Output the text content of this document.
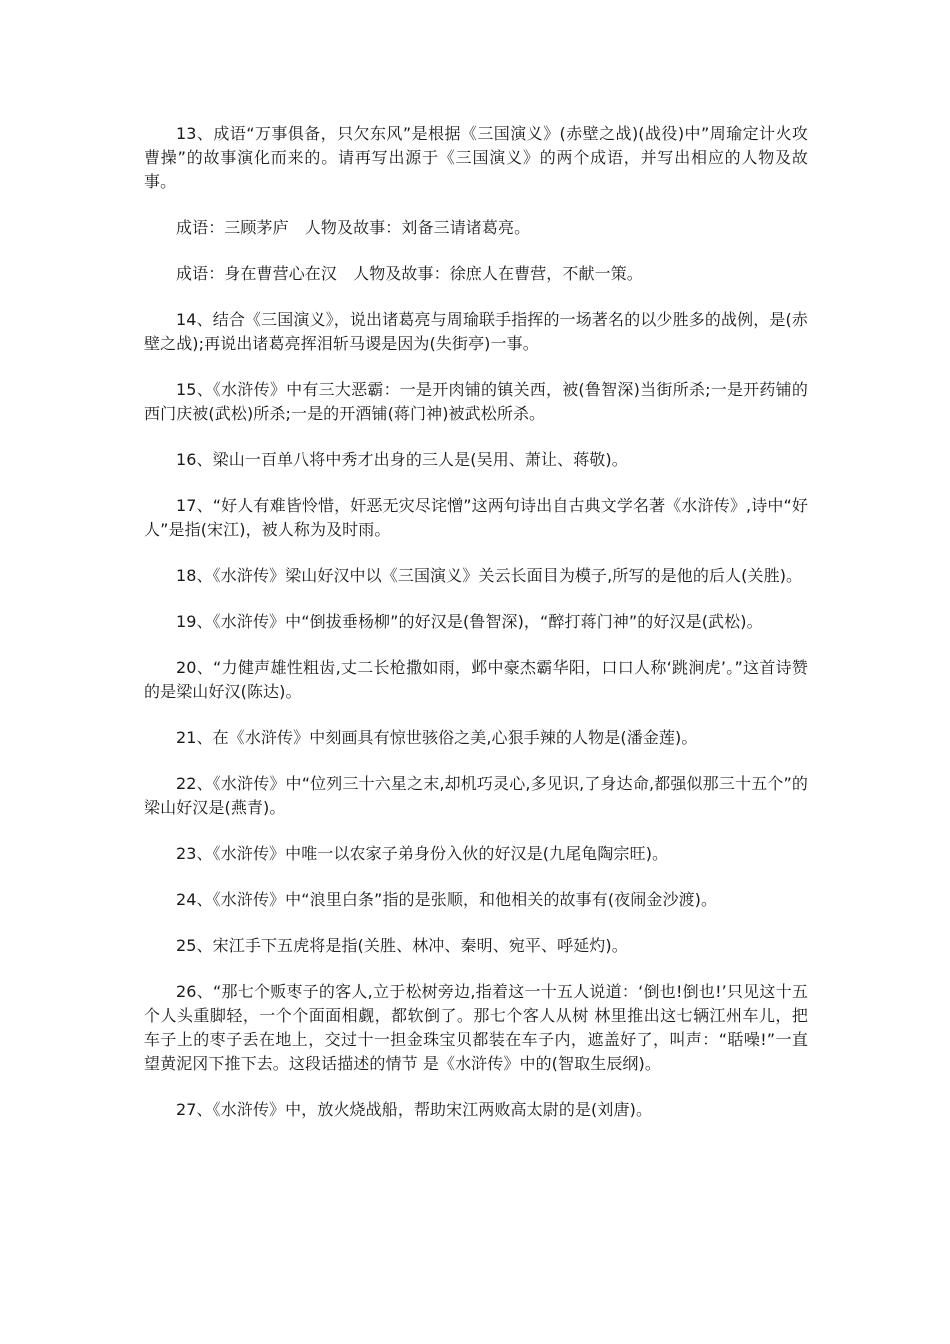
13、成语“万事俱备，只欠东风”是根据《三国演义》(赤壁之战)(战役)中”周瑜定计火攻曹操”的故事演化而来的。请再写出源于《三国演义》的两个成语，并写出相应的人物及故事。

成语：三顾茅庐　人物及故事：刘备三请诸葛亮。

成语：身在曹营心在汉　人物及故事：徐庶人在曹营，不献一策。

14、结合《三国演义》，说出诸葛亮与周瑜联手指挥的一场著名的以少胜多的战例，是(赤壁之战);再说出诸葛亮挥泪斩马谡是因为(失街亭)一事。

15、《水浒传》中有三大恶霸：一是开肉铺的镇关西，被(鲁智深)当街所杀;一是开药铺的西门庆被(武松)所杀;一是的开酒铺(蒋门神)被武松所杀。

16、梁山一百单八将中秀才出身的三人是(吴用、萧让、蒋敬)。

17、“好人有难皆怜惜，奸恶无灾尽诧憎”这两句诗出自古典文学名著《水浒传》,诗中“好人”是指(宋江)，被人称为及时雨。

18、《水浒传》梁山好汉中以《三国演义》关云长面目为模子,所写的是他的后人(关胜)。

19、《水浒传》中“倒拔垂杨柳”的好汉是(鲁智深)，“醉打蒋门神”的好汉是(武松)。

20、“力健声雄性粗齿,丈二长枪撒如雨，邺中豪杰霸华阳，口口人称‘跳涧虎’。”这首诗赞的是梁山好汉(陈达)。

21、在《水浒传》中刻画具有惊世骇俗之美,心狠手辣的人物是(潘金莲)。

22、《水浒传》中“位列三十六星之末,却机巧灵心,多见识,了身达命,都强似那三十五个”的梁山好汉是(燕青)。

23、《水浒传》中唯一以农家子弟身份入伙的好汉是(九尾龟陶宗旺)。

24、《水浒传》中“浪里白条”指的是张顺，和他相关的故事有(夜闹金沙渡)。

25、宋江手下五虎将是指(关胜、林冲、秦明、宛平、呼延灼)。

26、“那七个贩枣子的客人,立于松树旁边,指着这一十五人说道：‘倒也!倒也!’只见这十五个人头重脚轻，一个个面面相觑，都软倒了。那七个客人从树 林里推出这七辆江州车儿，把车子上的枣子丢在地上，交过十一担金珠宝贝都装在车子内，遮盖好了，叫声：“聒噪!”一直望黄泥冈下推下去。这段话描述的情节 是《水浒传》中的(智取生辰纲)。

27、《水浒传》中，放火烧战船，帮助宋江两败高太尉的是(刘唐)。
